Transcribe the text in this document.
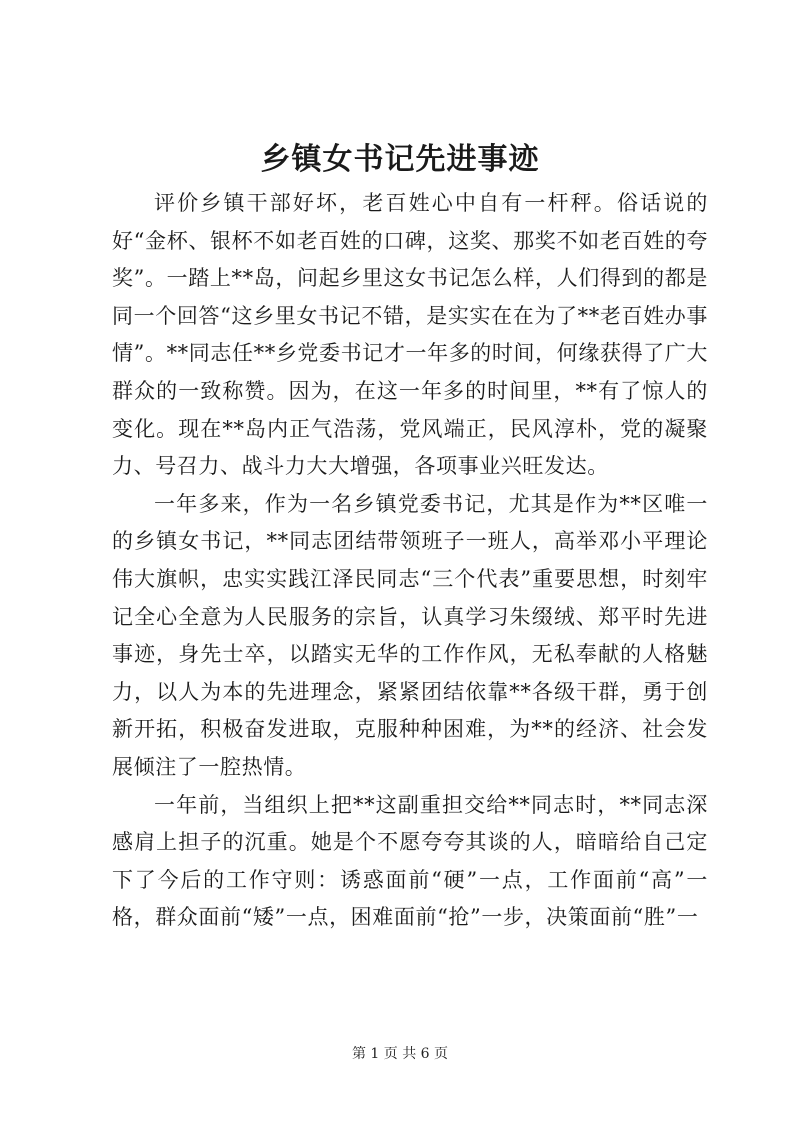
乡镇女书记先进事迹

评价乡镇干部好坏，老百姓心中自有一杆秤。俗话说的好“金杯、银杯不如老百姓的口碑，这奖、那奖不如老百姓的夸奖”。一踏上**岛，问起乡里这女书记怎么样，人们得到的都是同一个回答“这乡里女书记不错，是实实在在为了**老百姓办事情”。**同志任**乡党委书记才一年多的时间，何缘获得了广大群众的一致称赞。因为，在这一年多的时间里，**有了惊人的变化。现在**岛内正气浩荡，党风端正，民风淳朴，党的凝聚力、号召力、战斗力大大增强，各项事业兴旺发达。

一年多来，作为一名乡镇党委书记，尤其是作为**区唯一的乡镇女书记，**同志团结带领班子一班人，高举邓小平理论伟大旗帜，忠实实践江泽民同志“三个代表”重要思想，时刻牢记全心全意为人民服务的宗旨，认真学习朱缀绒、郑平时先进事迹，身先士卒，以踏实无华的工作作风，无私奉献的人格魅力，以人为本的先进理念，紧紧团结依靠**各级干群，勇于创新开拓，积极奋发进取，克服种种困难，为**的经济、社会发展倾注了一腔热情。

一年前，当组织上把**这副重担交给**同志时，**同志深感肩上担子的沉重。她是个不愿夸夸其谈的人，暗暗给自己定下了今后的工作守则：诱惑面前“硬”一点，工作面前“高”一格，群众面前“矮”一点，困难面前“抢”一步，决策面前“胜”一

第 1 页 共 6 页
